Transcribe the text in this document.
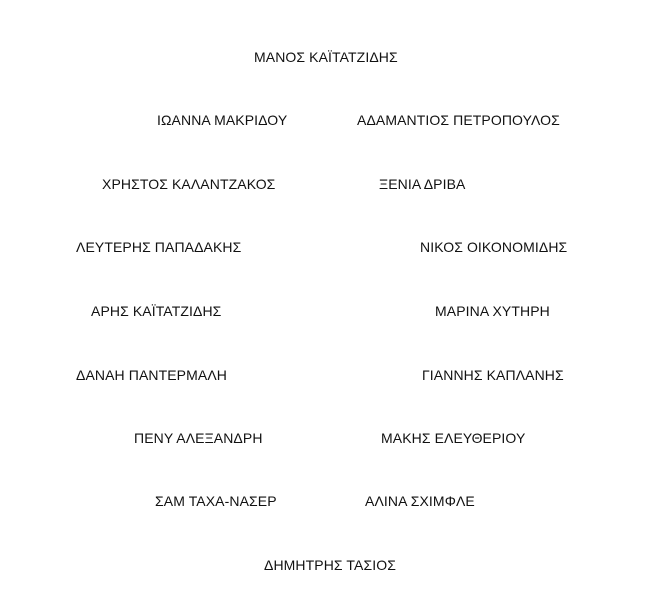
ΜΑΝΟΣ ΚΑΪΤΑΤΖΙΔΗΣ
ΙΩΑΝΝΑ ΜΑΚΡΙΔΟΥ	ΑΔΑΜΑΝΤΙΟΣ ΠΕΤΡΟΠΟΥΛΟΣ
ΧΡΗΣΤΟΣ ΚΑΛΑΝΤΖΑΚΟΣ	ΞΕΝΙΑ ΔΡΙΒΑ
ΛΕΥΤΕΡΗΣ ΠΑΠΑΔΑΚΗΣ	ΝΙΚΟΣ ΟΙΚΟΝΟΜΙΔΗΣ
ΑΡΗΣ ΚΑΪΤΑΤΖΙΔΗΣ	ΜΑΡΙΝΑ ΧΥΤΗΡΗ
ΔΑΝΑΗ ΠΑΝΤΕΡΜΑΛΗ	ΓΙΑΝΝΗΣ ΚΑΠΛΑΝΗΣ
ΠΕΝΥ ΑΛΕΞΑΝΔΡΗ	ΜΑΚΗΣ ΕΛΕΥΘΕΡΙΟΥ
ΣΑΜ ΤΑΧΑ-ΝΑΣΕΡ	ΑΛΙΝΑ ΣΧΙΜΦΛΕ
ΔΗΜΗΤΡΗΣ ΤΑΣΙΟΣ
